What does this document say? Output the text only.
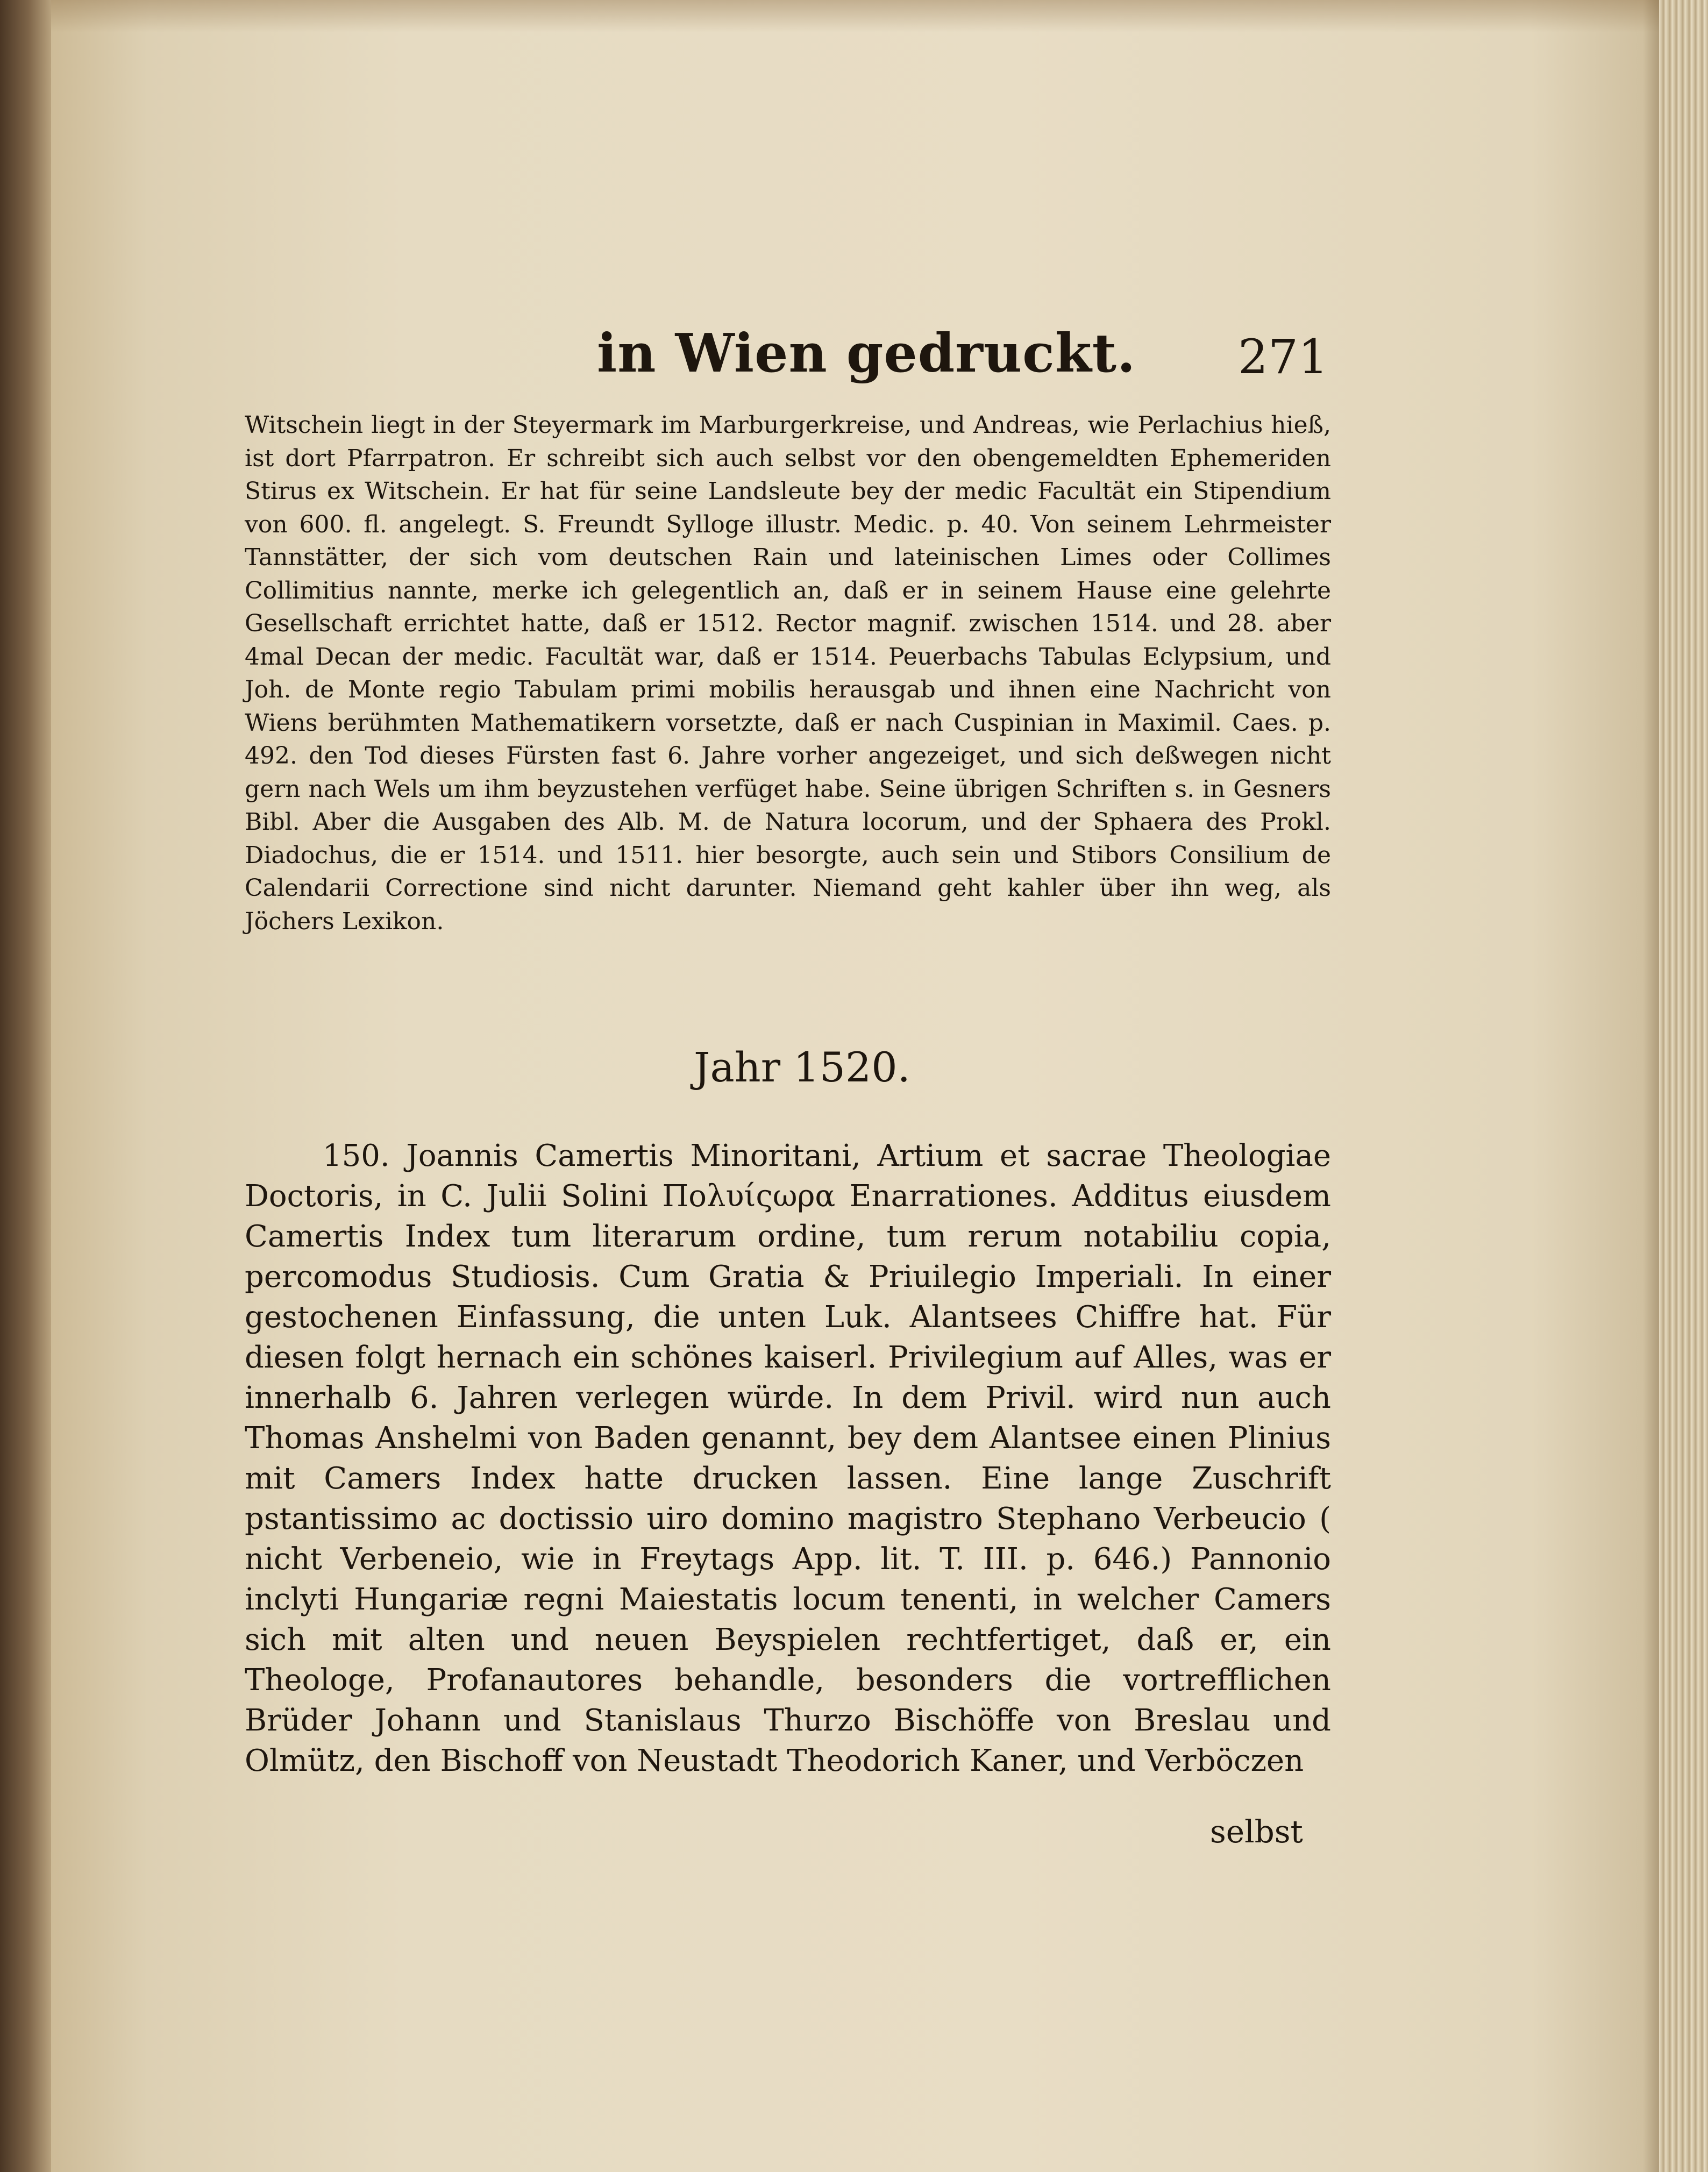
in Wien gedruckt. 271
Witschein liegt in der Steyermark im Marburgerkreise, und Andreas, wie Perlachius hieß, ist dort Pfarrpatron. Er schreibt sich auch selbst vor den obengemeldten Ephemeriden Stirus ex Witschein. Er hat für seine Landsleute bey der medic Facultät ein Stipendium von 600. fl. angelegt. S. Freundt Sylloge illustr. Medic. p. 40. Von seinem Lehrmeister Tannstätter, der sich vom deutschen Rain und lateinischen Limes oder Collimes Collimitius nannte, merke ich gelegentlich an, daß er in seinem Hause eine gelehrte Gesellschaft errichtet hatte, daß er 1512. Rector magnif. zwischen 1514. und 28. aber 4mal Decan der medic. Facultät war, daß er 1514. Peuerbachs Tabulas Eclypsium, und Joh. de Monte regio Tabulam primi mobilis herausgab und ihnen eine Nachricht von Wiens berühmten Mathematikern vorsetzte, daß er nach Cuspinian in Maximil. Caes. p. 492. den Tod dieses Fürsten fast 6. Jahre vorher angezeiget, und sich deßwegen nicht gern nach Wels um ihm beyzustehen verfüget habe. Seine übrigen Schriften s. in Gesners Bibl. Aber die Ausgaben des Alb. M. de Natura locorum, und der Sphaera des Prokl. Diadochus, die er 1514. und 1511. hier besorgte, auch sein und Stibors Consilium de Calendarii Correctione sind nicht darunter. Niemand geht kahler über ihn weg, als Jöchers Lexikon.
Jahr 1520.
150. Joannis Camertis Minoritani, Artium et sacrae Theologiae Doctoris, in C. Julii Solini Πολυίςωρα Enarrationes. Additus eiusdem Camertis Index tum literarum ordine, tum rerum notabiliu copia, percomodus Studiosis. Cum Gratia & Priuilegio Imperiali. In einer gestochenen Einfassung, die unten Luk. Alantsees Chiffre hat. Für diesen folgt hernach ein schönes kaiserl. Privilegium auf Alles, was er innerhalb 6. Jahren verlegen würde. In dem Privil. wird nun auch Thomas Anshelmi von Baden genannt, bey dem Alantsee einen Plinius mit Camers Index hatte drucken lassen. Eine lange Zuschrift pstantissimo ac doctissio uiro domino magistro Stephano Verbeucio ( nicht Verbeneio, wie in Freytags App. lit. T. III. p. 646.) Pannonio inclyti Hungariæ regni Maiestatis locum tenenti, in welcher Camers sich mit alten und neuen Beyspielen rechtfertiget, daß er, ein Theologe, Profanautores behandle, besonders die vortrefflichen Brüder Johann und Stanislaus Thurzo Bischöffe von Breslau und Olmütz, den Bischoff von Neustadt Theodorich Kaner, und Verböczen
selbst
